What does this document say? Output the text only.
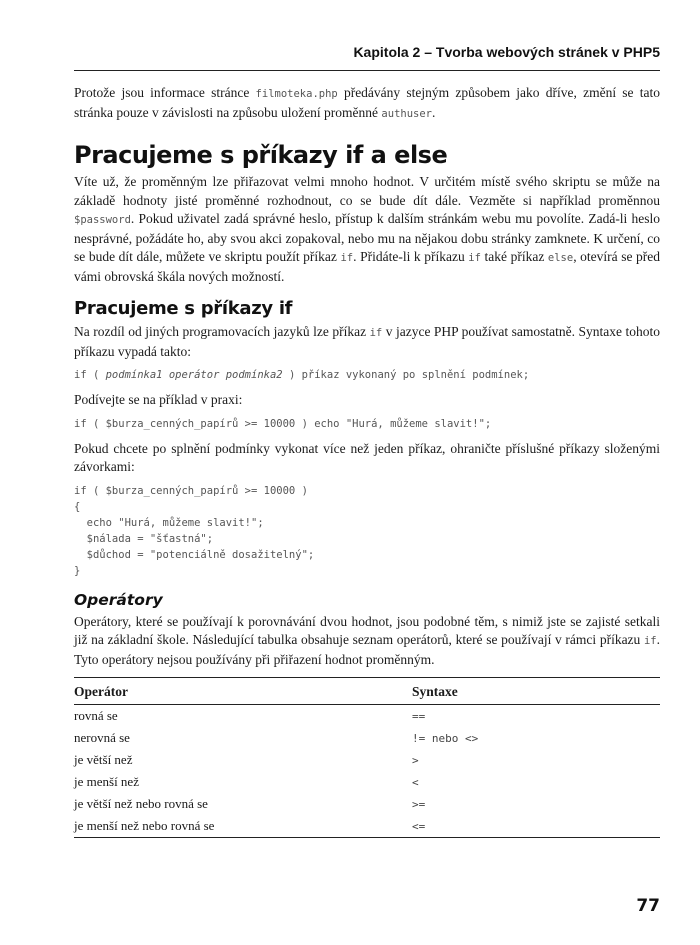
Kapitola 2 – Tvorba webových stránek v PHP5

Protože jsou informace stránce filmoteka.php předávány stejným způsobem jako dříve, změní se tato stránka pouze v závislosti na způsobu uložení proměnné authuser.

Pracujeme s příkazy if a else

Víte už, že proměnným lze přiřazovat velmi mnoho hodnot. V určitém místě svého skriptu se může na základě hodnoty jisté proměnné rozhodnout, co se bude dít dále. Vezměte si například proměnnou $password. Pokud uživatel zadá správné heslo, přístup k dalším stránkám webu mu povolíte. Zadá-li heslo nesprávné, požádáte ho, aby svou akci zopakoval, nebo mu na nějakou dobu stránky zamknete. K určení, co se bude dít dále, můžete ve skriptu použít příkaz if. Přidáte-li k příkazu if také příkaz else, otevírá se před vámi obrovská škála nových možností.

Pracujeme s příkazy if

Na rozdíl od jiných programovacích jazyků lze příkaz if v jazyce PHP používat samostatně. Syntaxe tohoto příkazu vypadá takto:

if ( podmínka1 operátor podmínka2 ) příkaz vykonaný po splnění podmínek;

Podívejte se na příklad v praxi:

if ( $burza_cenných_papírů >= 10000 ) echo "Hurá, můžeme slavit!";

Pokud chcete po splnění podmínky vykonat více než jeden příkaz, ohraničte příslušné příkazy složenými závorkami:

if ( $burza_cenných_papírů >= 10000 )
{
echo "Hurá, můžeme slavit!";
$nálada = "šťastná";
$důchod = "potenciálně dosažitelný";
}
Operátory

Operátory, které se používají k porovnávání dvou hodnot, jsou podobné těm, s nimiž jste se zajisté setkali již na základní škole. Následující tabulka obsahuje seznam operátorů, které se používají v rámci příkazu if. Tyto operátory nejsou používány při přiřazení hodnot proměnným.

Operátor	Syntaxe
rovná se	==
nerovná se	!= nebo <>
je větší než	>
je menší než	<
je větší než nebo rovná se	>=
je menší než nebo rovná se	<=
77
